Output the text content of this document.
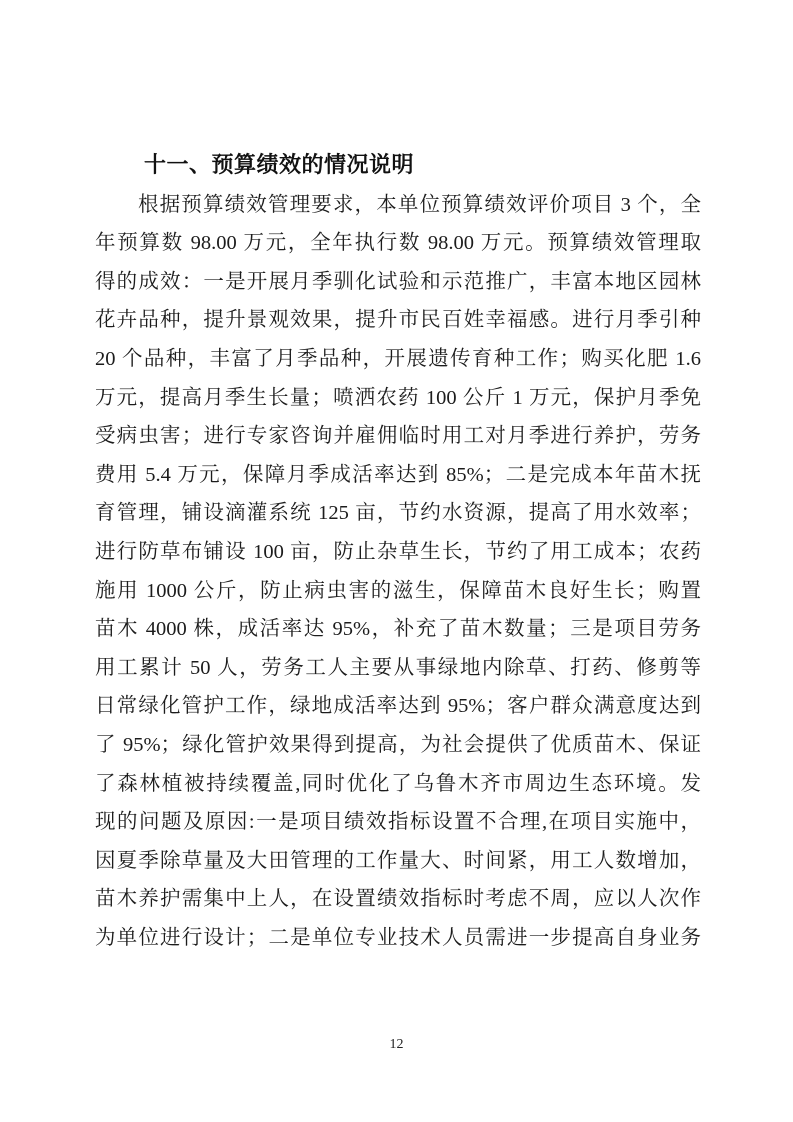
十一、预算绩效的情况说明
根据预算绩效管理要求，本单位预算绩效评价项目 3 个，全
年预算数 98.00 万元，全年执行数 98.00 万元。预算绩效管理取
得的成效：一是开展月季驯化试验和示范推广，丰富本地区园林
花卉品种，提升景观效果，提升市民百姓幸福感。进行月季引种
20 个品种，丰富了月季品种，开展遗传育种工作；购买化肥 1.6
万元，提高月季生长量；喷洒农药 100 公斤 1 万元，保护月季免
受病虫害；进行专家咨询并雇佣临时用工对月季进行养护，劳务
费用 5.4 万元，保障月季成活率达到 85%；二是完成本年苗木抚
育管理，铺设滴灌系统 125 亩，节约水资源，提高了用水效率；
进行防草布铺设 100 亩，防止杂草生长，节约了用工成本；农药
施用 1000 公斤，防止病虫害的滋生，保障苗木良好生长；购置
苗木 4000 株，成活率达 95%，补充了苗木数量；三是项目劳务
用工累计 50 人，劳务工人主要从事绿地内除草、打药、修剪等
日常绿化管护工作，绿地成活率达到 95%；客户群众满意度达到
了 95%；绿化管护效果得到提高，为社会提供了优质苗木、保证
了森林植被持续覆盖,同时优化了乌鲁木齐市周边生态环境。发
现的问题及原因:一是项目绩效指标设置不合理,在项目实施中，
因夏季除草量及大田管理的工作量大、时间紧，用工人数增加，
苗木养护需集中上人，在设置绩效指标时考虑不周，应以人次作
为单位进行设计；二是单位专业技术人员需进一步提高自身业务
12
